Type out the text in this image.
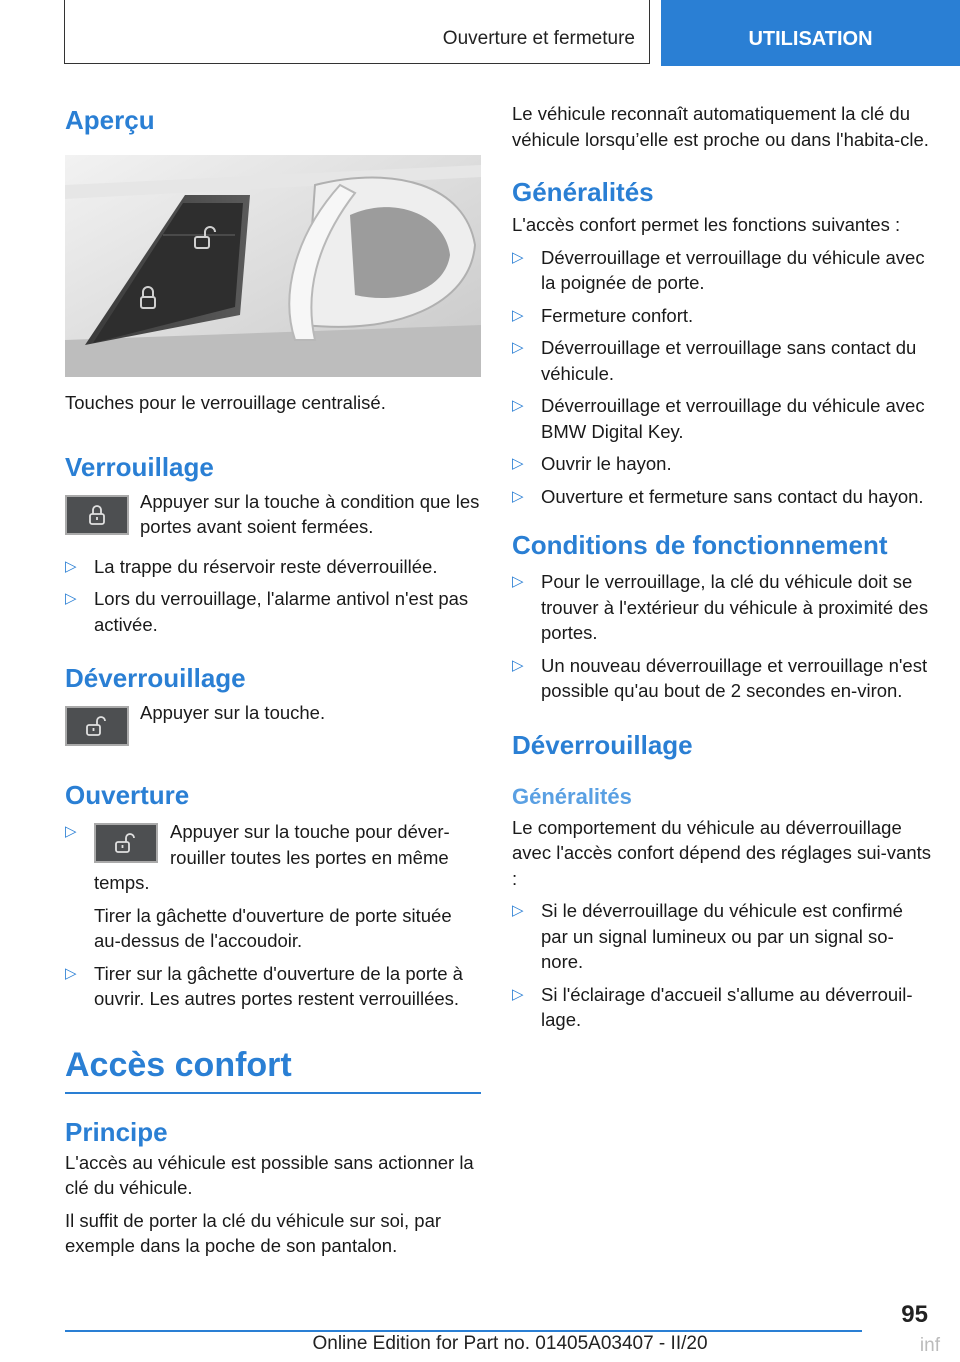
Ouverture et fermeture	UTILISATION
Aperçu
Touches pour le verrouillage centralisé.
Verrouillage
Appuyer sur la touche à condition que les portes avant soient fermées.
▷ La trappe du réservoir reste déverrouillée.
▷ Lors du verrouillage, l'alarme antivol n'est pas activée.
Déverrouillage
Appuyer sur la touche.
Ouverture
▷	Appuyer sur la touche pour déver-rouiller toutes les portes en même temps.
Tirer la gâchette d'ouverture de porte située au-dessus de l'accoudoir.
▷ Tirer sur la gâchette d'ouverture de la porte à ouvrir. Les autres portes restent verrouillées.
Accès confort
Principe
L'accès au véhicule est possible sans actionner la clé du véhicule.
Il suffit de porter la clé du véhicule sur soi, par exemple dans la poche de son pantalon.
Le véhicule reconnaît automatiquement la clé du véhicule lorsqu’elle est proche ou dans l'habita-cle.
Généralités
L'accès confort permet les fonctions suivantes :
▷ Déverrouillage et verrouillage du véhicule avec la poignée de porte.
▷ Fermeture confort.
▷ Déverrouillage et verrouillage sans contact du véhicule.
▷ Déverrouillage et verrouillage du véhicule avec BMW Digital Key.
▷ Ouvrir le hayon.
▷ Ouverture et fermeture sans contact du hayon.
Conditions de fonctionnement
▷ Pour le verrouillage, la clé du véhicule doit se trouver à l'extérieur du véhicule à proximité des portes.
▷ Un nouveau déverrouillage et verrouillage n'est possible qu'au bout de 2 secondes en-viron.
Déverrouillage
Généralités
Le comportement du véhicule au déverrouillage avec l'accès confort dépend des réglages sui-vants :
▷ Si le déverrouillage du véhicule est confirmé par un signal lumineux ou par un signal so-nore.
▷ Si l'éclairage d'accueil s'allume au déverrouil-lage.
95
Online Edition for Part no. 01405A03407 - II/20	inf
